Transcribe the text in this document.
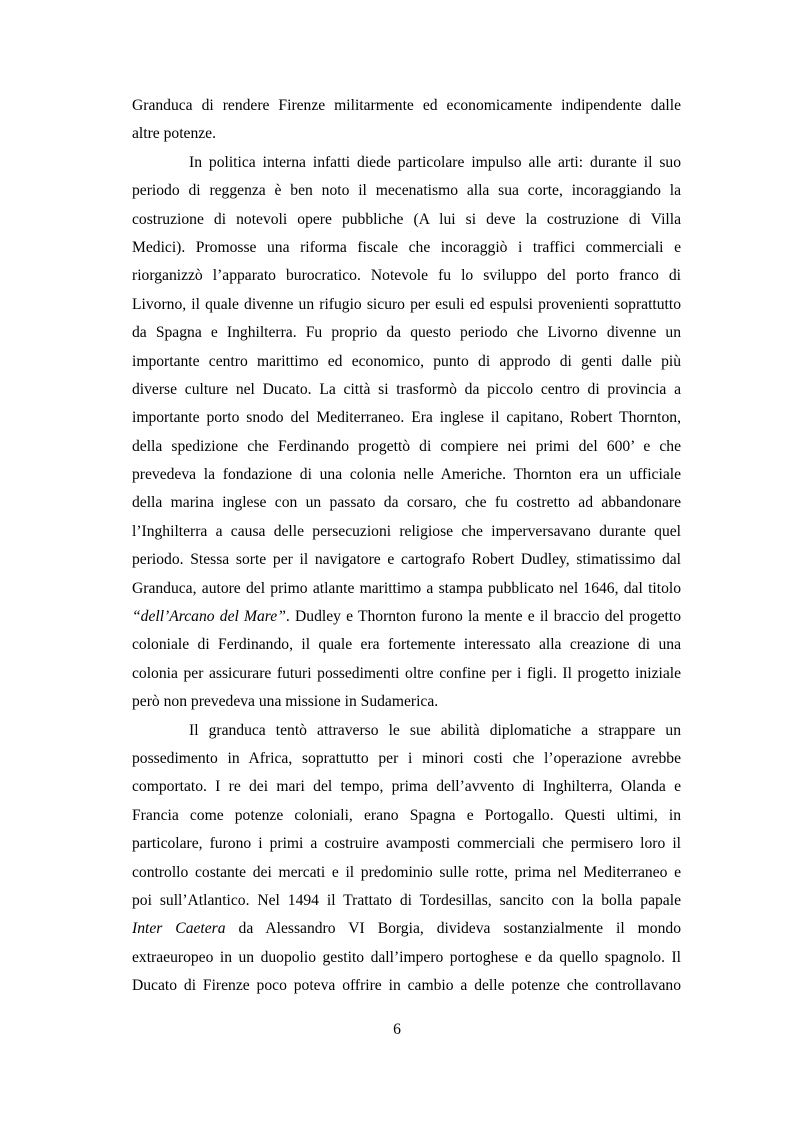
Granduca di rendere Firenze militarmente ed economicamente indipendente dalle
altre potenze.
In politica interna infatti diede particolare impulso alle arti: durante il suo
periodo di reggenza è ben noto il mecenatismo alla sua corte, incoraggiando la
costruzione di notevoli opere pubbliche (A lui si deve la costruzione di Villa
Medici). Promosse una riforma fiscale che incoraggiò i traffici commerciali e
riorganizzò l’apparato burocratico. Notevole fu lo sviluppo del porto franco di
Livorno, il quale divenne un rifugio sicuro per esuli ed espulsi provenienti soprattutto
da Spagna e Inghilterra. Fu proprio da questo periodo che Livorno divenne un
importante centro marittimo ed economico, punto di approdo di genti dalle più
diverse culture nel Ducato. La città si trasformò da piccolo centro di provincia a
importante porto snodo del Mediterraneo. Era inglese il capitano, Robert Thornton,
della spedizione che Ferdinando progettò di compiere nei primi del 600’ e che
prevedeva la fondazione di una colonia nelle Americhe. Thornton era un ufficiale
della marina inglese con un passato da corsaro, che fu costretto ad abbandonare
l’Inghilterra a causa delle persecuzioni religiose che imperversavano durante quel
periodo. Stessa sorte per il navigatore e cartografo Robert Dudley, stimatissimo dal
Granduca, autore del primo atlante marittimo a stampa pubblicato nel 1646, dal titolo
“dell’Arcano del Mare”. Dudley e Thornton furono la mente e il braccio del progetto
coloniale di Ferdinando, il quale era fortemente interessato alla creazione di una
colonia per assicurare futuri possedimenti oltre confine per i figli. Il progetto iniziale
però non prevedeva una missione in Sudamerica.
Il granduca tentò attraverso le sue abilità diplomatiche a strappare un
possedimento in Africa, soprattutto per i minori costi che l’operazione avrebbe
comportato. I re dei mari del tempo, prima dell’avvento di Inghilterra, Olanda e
Francia come potenze coloniali, erano Spagna e Portogallo. Questi ultimi, in
particolare, furono i primi a costruire avamposti commerciali che permisero loro il
controllo costante dei mercati e il predominio sulle rotte, prima nel Mediterraneo e
poi sull’Atlantico. Nel 1494 il Trattato di Tordesillas, sancito con la bolla papale
Inter Caetera da Alessandro VI Borgia, divideva sostanzialmente il mondo
extraeuropeo in un duopolio gestito dall’impero portoghese e da quello spagnolo. Il
Ducato di Firenze poco poteva offrire in cambio a delle potenze che controllavano
6
